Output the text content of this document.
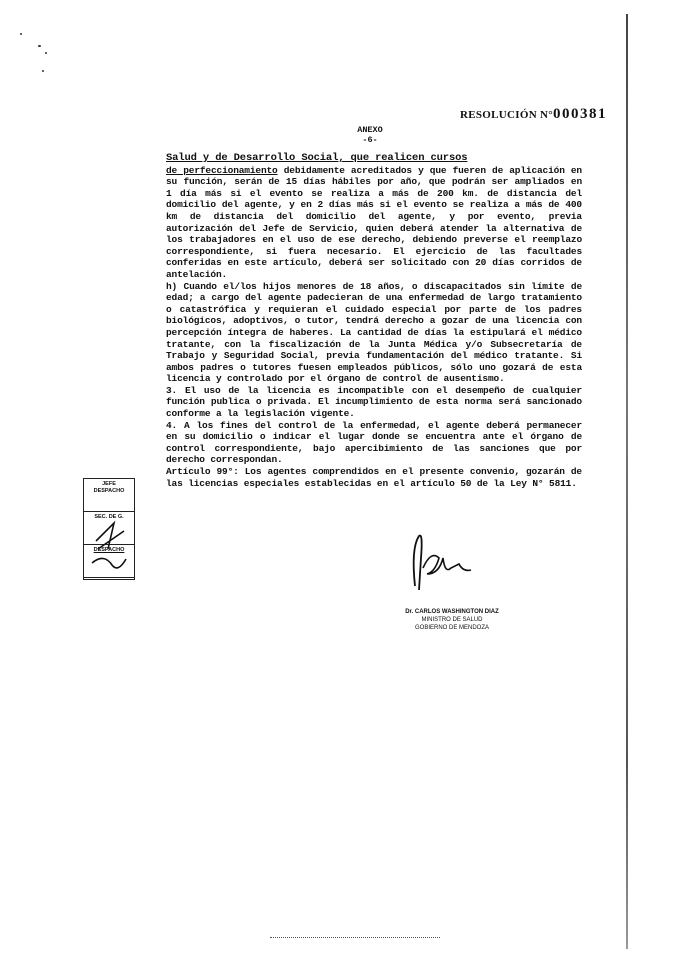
RESOLUCIÓN N°000381
ANEXO
-6-

Salud y de Desarrollo Social, que realicen cursos
de perfeccionamiento debidamente acreditados y que fueren de aplicación en su función, serán de 15 días hábiles por año, que podrán ser ampliados en 1 día más si el evento se realiza a más de 200 km. de distancia del domicilio del agente, y en 2 días más si el evento se realiza a más de 400 km de distancia del domicilio del agente, y por evento, previa autorización del Jefe de Servicio, quien deberá atender la alternativa de los trabajadores en el uso de ese derecho, debiendo preverse el reemplazo correspondiente, si fuera necesario. El ejercicio de las facultades conferidas en este artículo, deberá ser solicitado con 20 días corridos de antelación.

h) Cuando el/los hijos menores de 18 años, o discapacitados sin límite de edad; a cargo del agente padecieran de una enfermedad de largo tratamiento o catastrófica y requieran el cuidado especial por parte de los padres biológicos, adoptivos, o tutor, tendrá derecho a gozar de una licencia con percepción íntegra de haberes. La cantidad de días la estipulará el médico tratante, con la fiscalización de la Junta Médica y/o Subsecretaría de Trabajo y Seguridad Social, previa fundamentación del médico tratante. Si ambos padres o tutores fuesen empleados públicos, sólo uno gozará de esta licencia y controlado por el órgano de control de ausentismo.

3. El uso de la licencia es incompatible con el desempeño de cualquier función publica o privada. El incumplimiento de esta norma será sancionado conforme a la legislación vigente.

4. A los fines del control de la enfermedad, el agente deberá permanecer en su domicilio o indicar el lugar donde se encuentra ante el órgano de control correspondiente, bajo apercibimiento de las sanciones que por derecho correspondan.

Artículo 99°: Los agentes comprendidos en el presente convenio, gozarán de las licencias especiales establecidas en el artículo 50 de la Ley N° 5811.

JEFE
DESPACHO
SEC. DE G.
DESPACHO
Dr. CARLOS WASHINGTON DIAZ
MINISTRO DE SALUD
GOBIERNO DE MENDOZA
